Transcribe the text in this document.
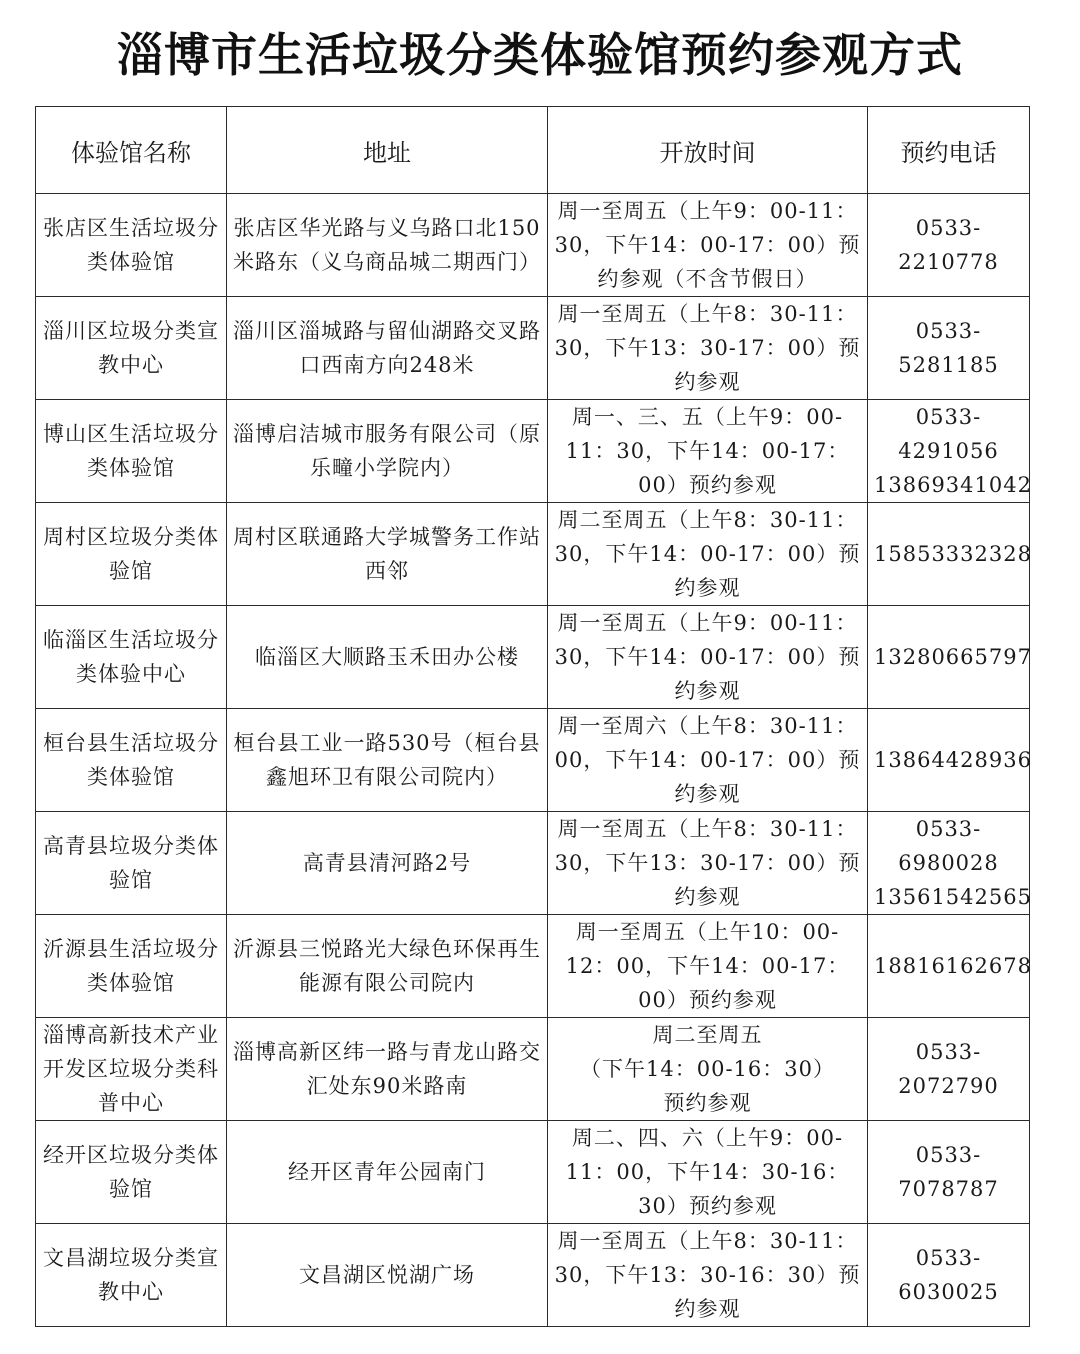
淄博市生活垃圾分类体验馆预约参观方式
体验馆名称	地址	开放时间	预约电话

张店区生活垃圾分类体验馆	张店区华光路与义乌路口北150米路东（义乌商品城二期西门）	周一至周五（上午9：00-11：30，下午14：00-17：00）预约参观（不含节假日）	0533-2210778

淄川区垃圾分类宣教中心	淄川区淄城路与留仙湖路交叉路口西南方向248米	周一至周五（上午8：30-11：30，下午13：30-17：00）预约参观	0533-5281185

博山区生活垃圾分类体验馆	淄博启洁城市服务有限公司（原乐疃小学院内）	周一、三、五（上午9：00-11：30，下午14：00-17：00）预约参观	0533-4291056
13869341042

周村区垃圾分类体验馆	周村区联通路大学城警务工作站西邻	周二至周五（上午8：30-11：30，下午14：00-17：00）预约参观	15853332328

临淄区生活垃圾分类体验中心	临淄区大顺路玉禾田办公楼	周一至周五（上午9：00-11：30，下午14：00-17：00）预约参观	13280665797

桓台县生活垃圾分类体验馆	桓台县工业一路530号（桓台县鑫旭环卫有限公司院内）	周一至周六（上午8：30-11：00，下午14：00-17：00）预约参观	13864428936

高青县垃圾分类体验馆	高青县清河路2号	周一至周五（上午8：30-11：30，下午13：30-17：00）预约参观	0533-6980028
13561542565

沂源县生活垃圾分类体验馆	沂源县三悦路光大绿色环保再生能源有限公司院内	周一至周五（上午10：00-12：00，下午14：00-17：00）预约参观	18816162678

淄博高新技术产业开发区垃圾分类科普中心	淄博高新区纬一路与青龙山路交汇处东90米路南	周二至周五
（下午14：00-16：30）
预约参观	0533-2072790

经开区垃圾分类体验馆	经开区青年公园南门	周二、四、六（上午9：00-11：00，下午14：30-16：30）预约参观	0533-7078787

文昌湖垃圾分类宣教中心	文昌湖区悦湖广场	周一至周五（上午8：30-11：30，下午13：30-16：30）预约参观	0533-6030025
